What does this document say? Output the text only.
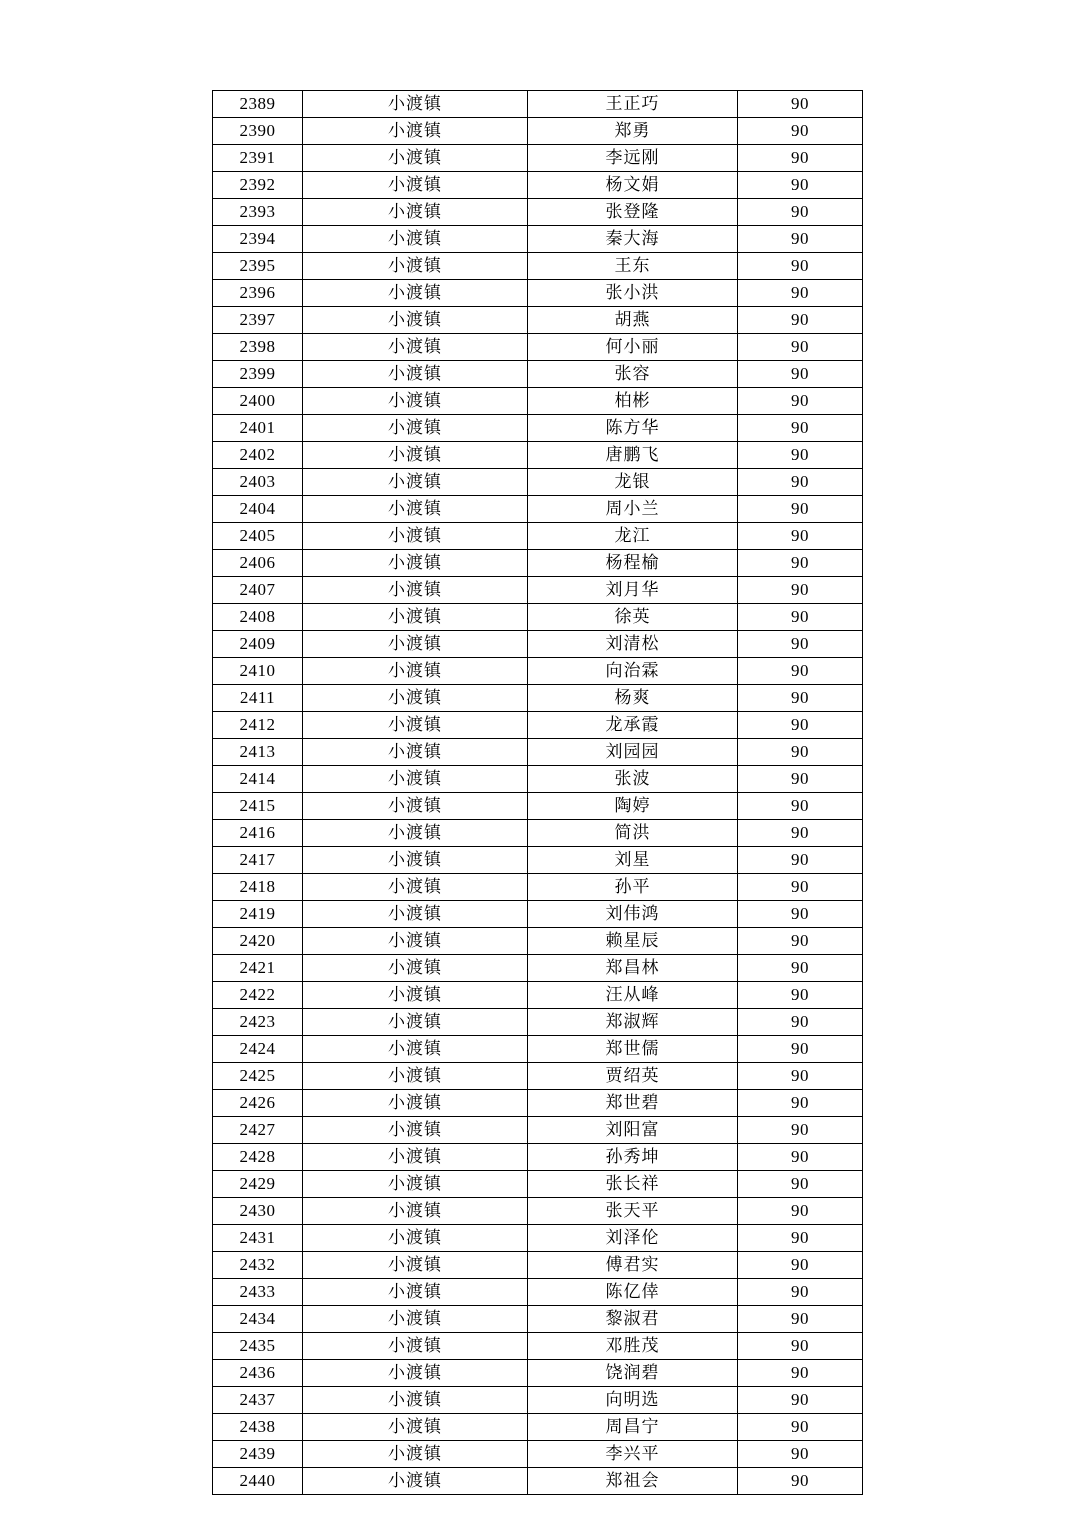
2389	小渡镇	王正巧	90
2390	小渡镇	郑勇	90
2391	小渡镇	李远刚	90
2392	小渡镇	杨文娟	90
2393	小渡镇	张登隆	90
2394	小渡镇	秦大海	90
2395	小渡镇	王东	90
2396	小渡镇	张小洪	90
2397	小渡镇	胡燕	90
2398	小渡镇	何小丽	90
2399	小渡镇	张容	90
2400	小渡镇	柏彬	90
2401	小渡镇	陈方华	90
2402	小渡镇	唐鹏飞	90
2403	小渡镇	龙银	90
2404	小渡镇	周小兰	90
2405	小渡镇	龙江	90
2406	小渡镇	杨程榆	90
2407	小渡镇	刘月华	90
2408	小渡镇	徐英	90
2409	小渡镇	刘清松	90
2410	小渡镇	向治霖	90
2411	小渡镇	杨爽	90
2412	小渡镇	龙承霞	90
2413	小渡镇	刘园园	90
2414	小渡镇	张波	90
2415	小渡镇	陶婷	90
2416	小渡镇	简洪	90
2417	小渡镇	刘星	90
2418	小渡镇	孙平	90
2419	小渡镇	刘伟鸿	90
2420	小渡镇	赖星辰	90
2421	小渡镇	郑昌林	90
2422	小渡镇	汪从峰	90
2423	小渡镇	郑淑辉	90
2424	小渡镇	郑世儒	90
2425	小渡镇	贾绍英	90
2426	小渡镇	郑世碧	90
2427	小渡镇	刘阳富	90
2428	小渡镇	孙秀坤	90
2429	小渡镇	张长祥	90
2430	小渡镇	张天平	90
2431	小渡镇	刘泽伦	90
2432	小渡镇	傅君实	90
2433	小渡镇	陈亿倖	90
2434	小渡镇	黎淑君	90
2435	小渡镇	邓胜茂	90
2436	小渡镇	饶润碧	90
2437	小渡镇	向明选	90
2438	小渡镇	周昌宁	90
2439	小渡镇	李兴平	90
2440	小渡镇	郑祖会	90
